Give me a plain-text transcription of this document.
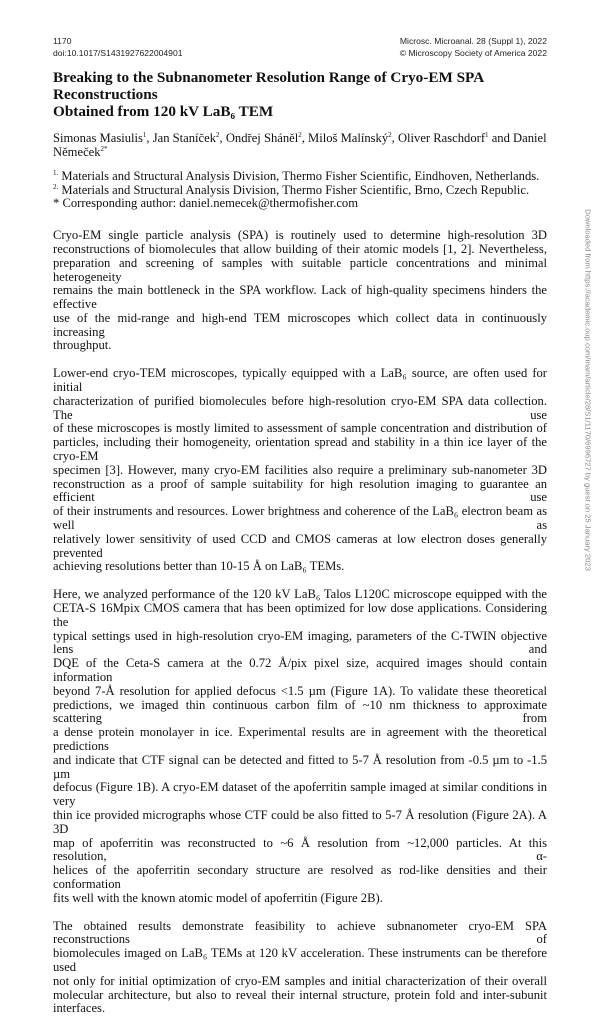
1170
doi:10.1017/S1431927622004901
Microsc. Microanal. 28 (Suppl 1), 2022
© Microscopy Society of America 2022
Breaking to the Subnanometer Resolution Range of Cryo-EM SPA Reconstructions
Obtained from 120 kV LaB₆ TEM
Simonas Masiulis$^1$, Jan Staníček$^2$, Ondřej Sháněl$^2$, Miloš Malínský$^2$, Oliver Raschdorf$^1$ and Daniel Němeček$^{2*}$
$^{1.}$ Materials and Structural Analysis Division, Thermo Fisher Scientific, Eindhoven, Netherlands.
$^{2.}$ Materials and Structural Analysis Division, Thermo Fisher Scientific, Brno, Czech Republic.
* Corresponding author: daniel.nemecek@thermofisher.com
Cryo-EM single particle analysis (SPA) is routinely used to determine high-resolution 3D
reconstructions of biomolecules that allow building of their atomic models [1, 2]. Nevertheless,
preparation and screening of samples with suitable particle concentrations and minimal heterogeneity
remains the main bottleneck in the SPA workflow. Lack of high-quality specimens hinders the effective
use of the mid-range and high-end TEM microscopes which collect data in continuously increasing
throughput.
Lower-end cryo-TEM microscopes, typically equipped with a LaB₆ source, are often used for initial
characterization of purified biomolecules before high-resolution cryo-EM SPA data collection. The use
of these microscopes is mostly limited to assessment of sample concentration and distribution of
particles, including their homogeneity, orientation spread and stability in a thin ice layer of the cryo-EM
specimen [3]. However, many cryo-EM facilities also require a preliminary sub-nanometer 3D
reconstruction as a proof of sample suitability for high resolution imaging to guarantee an efficient use
of their instruments and resources. Lower brightness and coherence of the LaB₆ electron beam as well as
relatively lower sensitivity of used CCD and CMOS cameras at low electron doses generally prevented
achieving resolutions better than 10-15 Å on LaB₆ TEMs.
Here, we analyzed performance of the 120 kV LaB₆ Talos L120C microscope equipped with the
CETA-S 16Mpix CMOS camera that has been optimized for low dose applications. Considering the
typical settings used in high-resolution cryo-EM imaging, parameters of the C-TWIN objective lens and
DQE of the Ceta-S camera at the 0.72 Å/pix pixel size, acquired images should contain information
beyond 7-Å resolution for applied defocus <1.5 µm (Figure 1A). To validate these theoretical
predictions, we imaged thin continuous carbon film of ~10 nm thickness to approximate scattering from
a dense protein monolayer in ice. Experimental results are in agreement with the theoretical predictions
and indicate that CTF signal can be detected and fitted to 5-7 Å resolution from -0.5 µm to -1.5 µm
defocus (Figure 1B). A cryo-EM dataset of the apoferritin sample imaged at similar conditions in very
thin ice provided micrographs whose CTF could be also fitted to 5-7 Å resolution (Figure 2A). A 3D
map of apoferritin was reconstructed to ~6 Å resolution from ~12,000 particles. At this resolution, α-
helices of the apoferritin secondary structure are resolved as rod-like densities and their conformation
fits well with the known atomic model of apoferritin (Figure 2B).
The obtained results demonstrate feasibility to achieve subnanometer cryo-EM SPA reconstructions of
biomolecules imaged on LaB₆ TEMs at 120 kV acceleration. These instruments can be therefore used
not only for initial optimization of cryo-EM samples and initial characterization of their overall
molecular architecture, but also to reveal their internal structure, protein fold and inter-subunit
interfaces.
Downloaded from https://academic.oup.com/mam/article/28/S1/1170/6996727 by guest on 25 January 2023
